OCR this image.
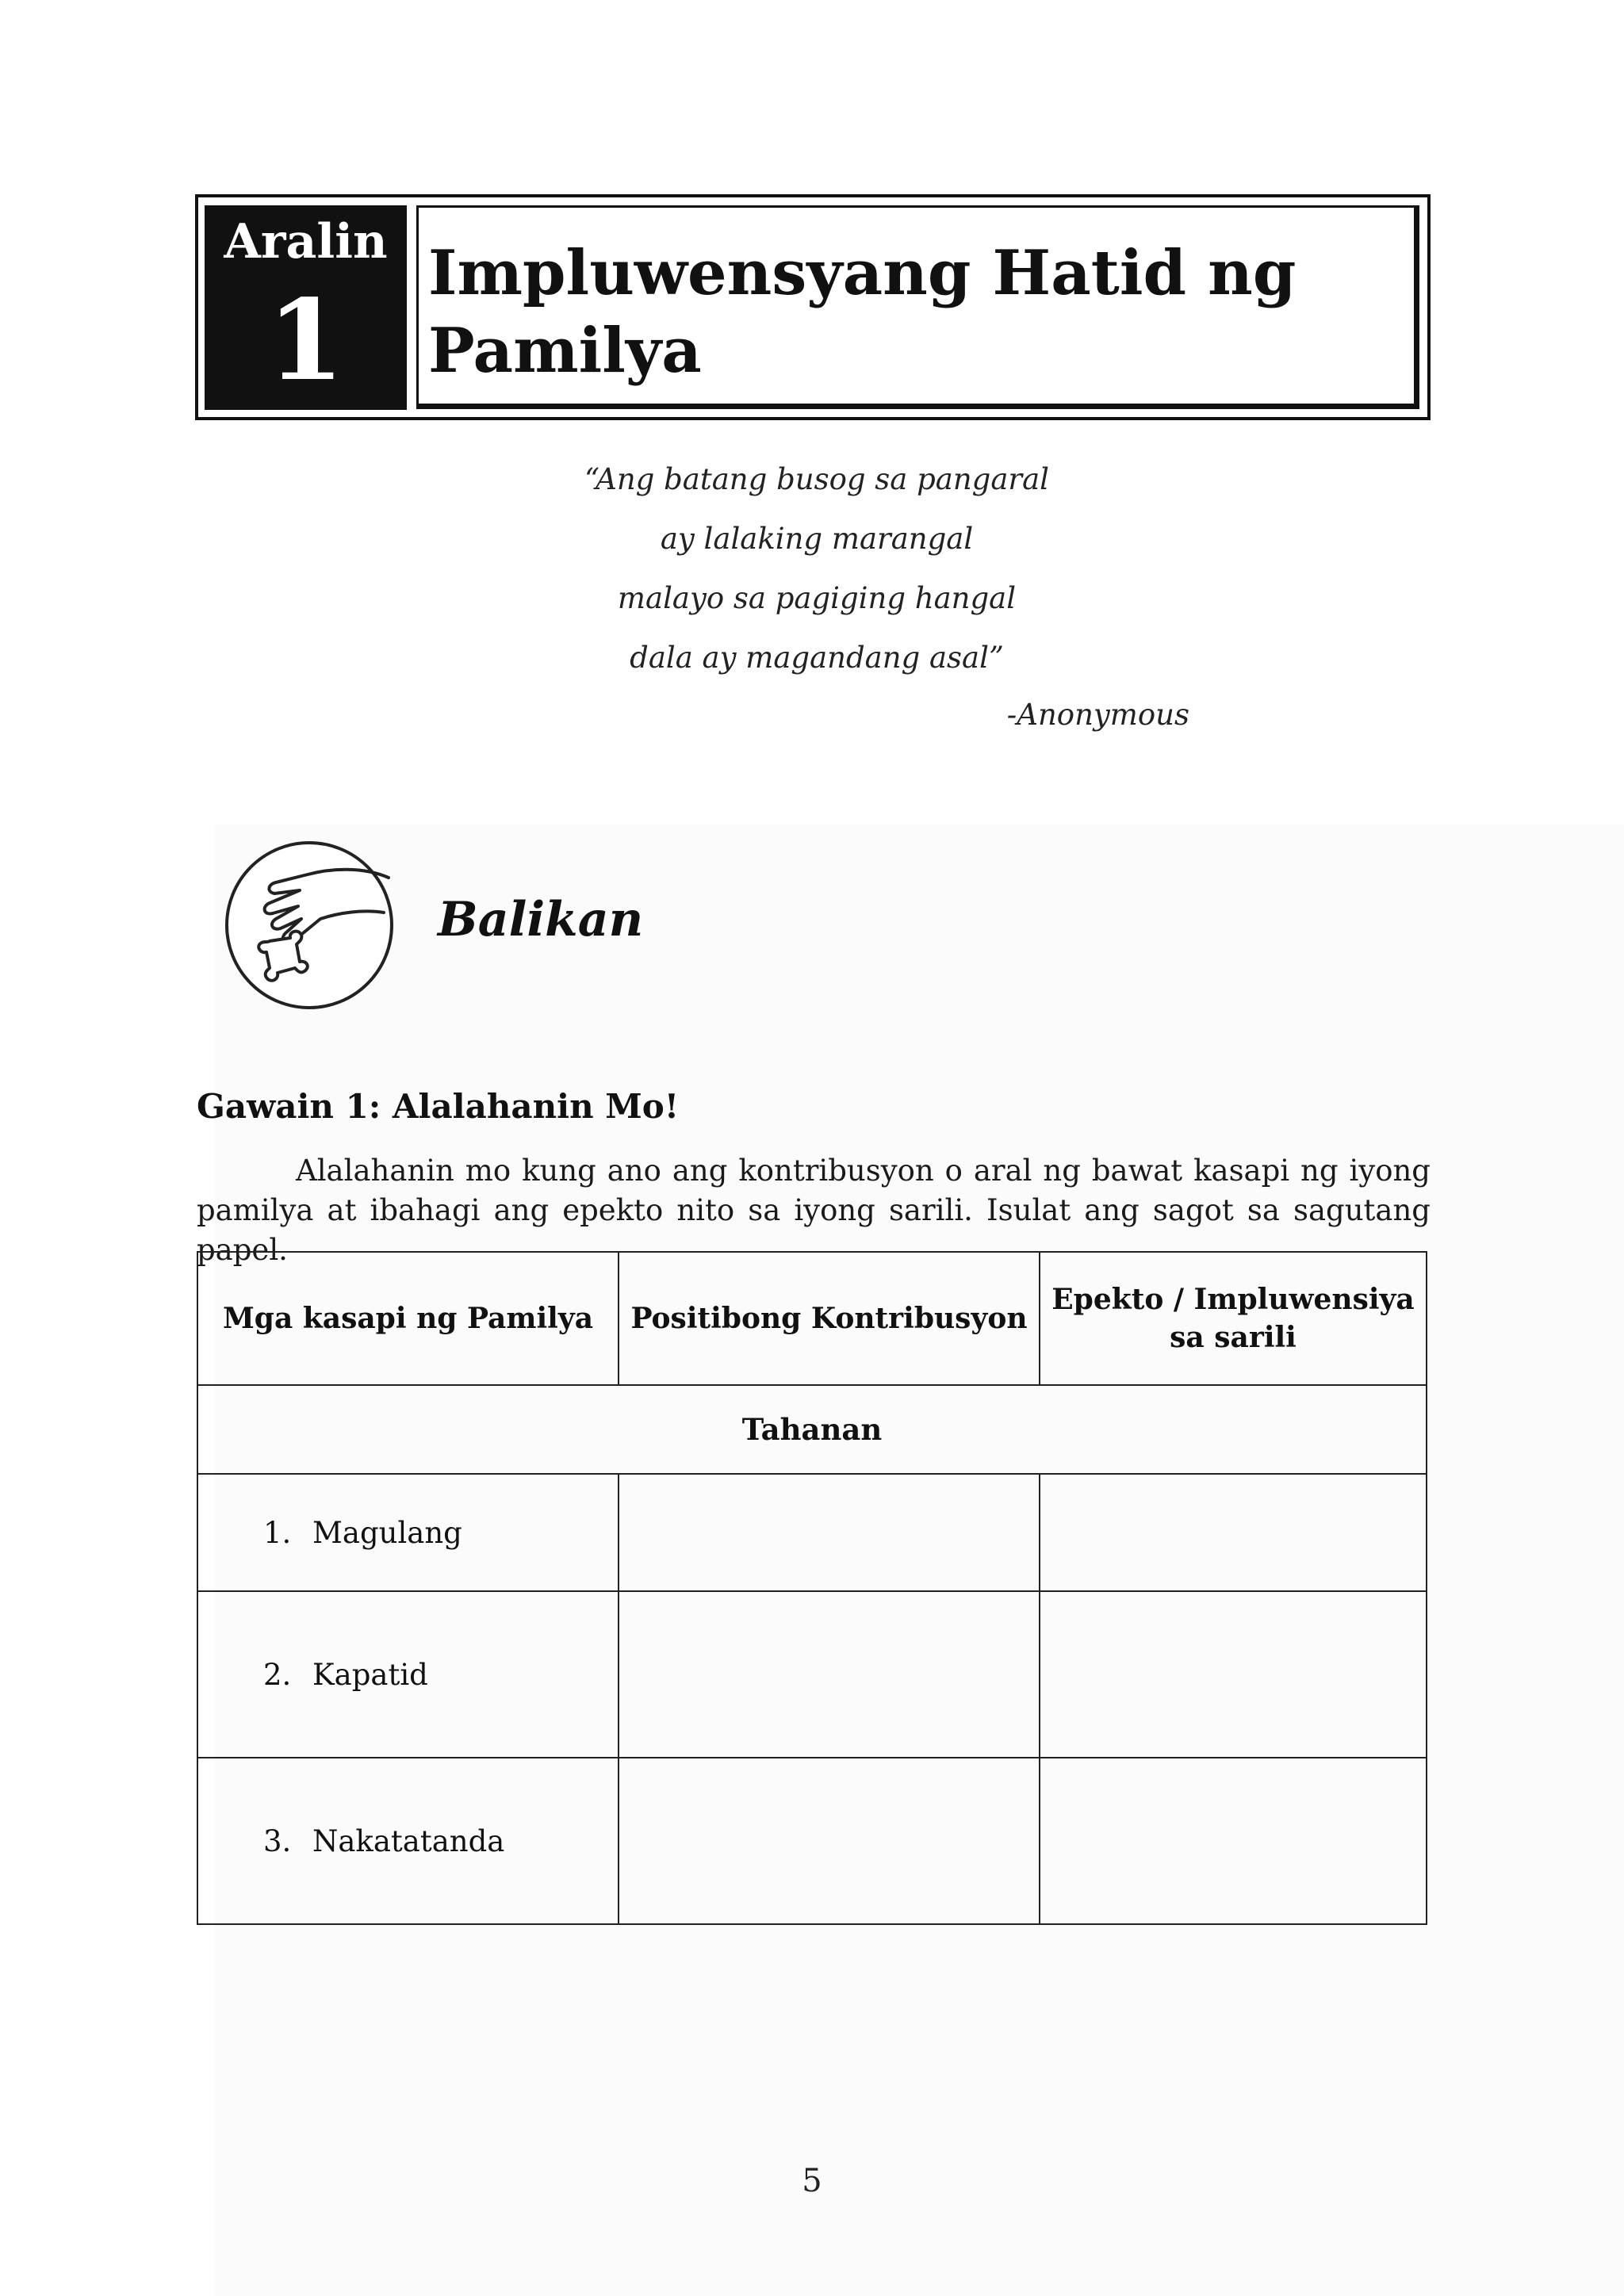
Aralin
1
Impluwensyang Hatid ng
Pamilya
“Ang batang busog sa pangaral
ay lalaking marangal
malayo sa pagiging hangal
dala ay magandang asal”
-Anonymous
Balikan
Gawain 1: Alalahanin Mo!
Alalahanin mo kung ano ang kontribusyon o aral ng bawat kasapi ng iyong pamilya at ibahagi ang epekto nito sa iyong sarili. Isulat ang sagot sa sagutang papel.
Mga kasapi ng Pamilya	Positibong Kontribusyon	Epekto / Impluwensiya sa sarili
Tahanan		
1. Magulang		
2. Kapatid		
3. Nakatatanda		
5
